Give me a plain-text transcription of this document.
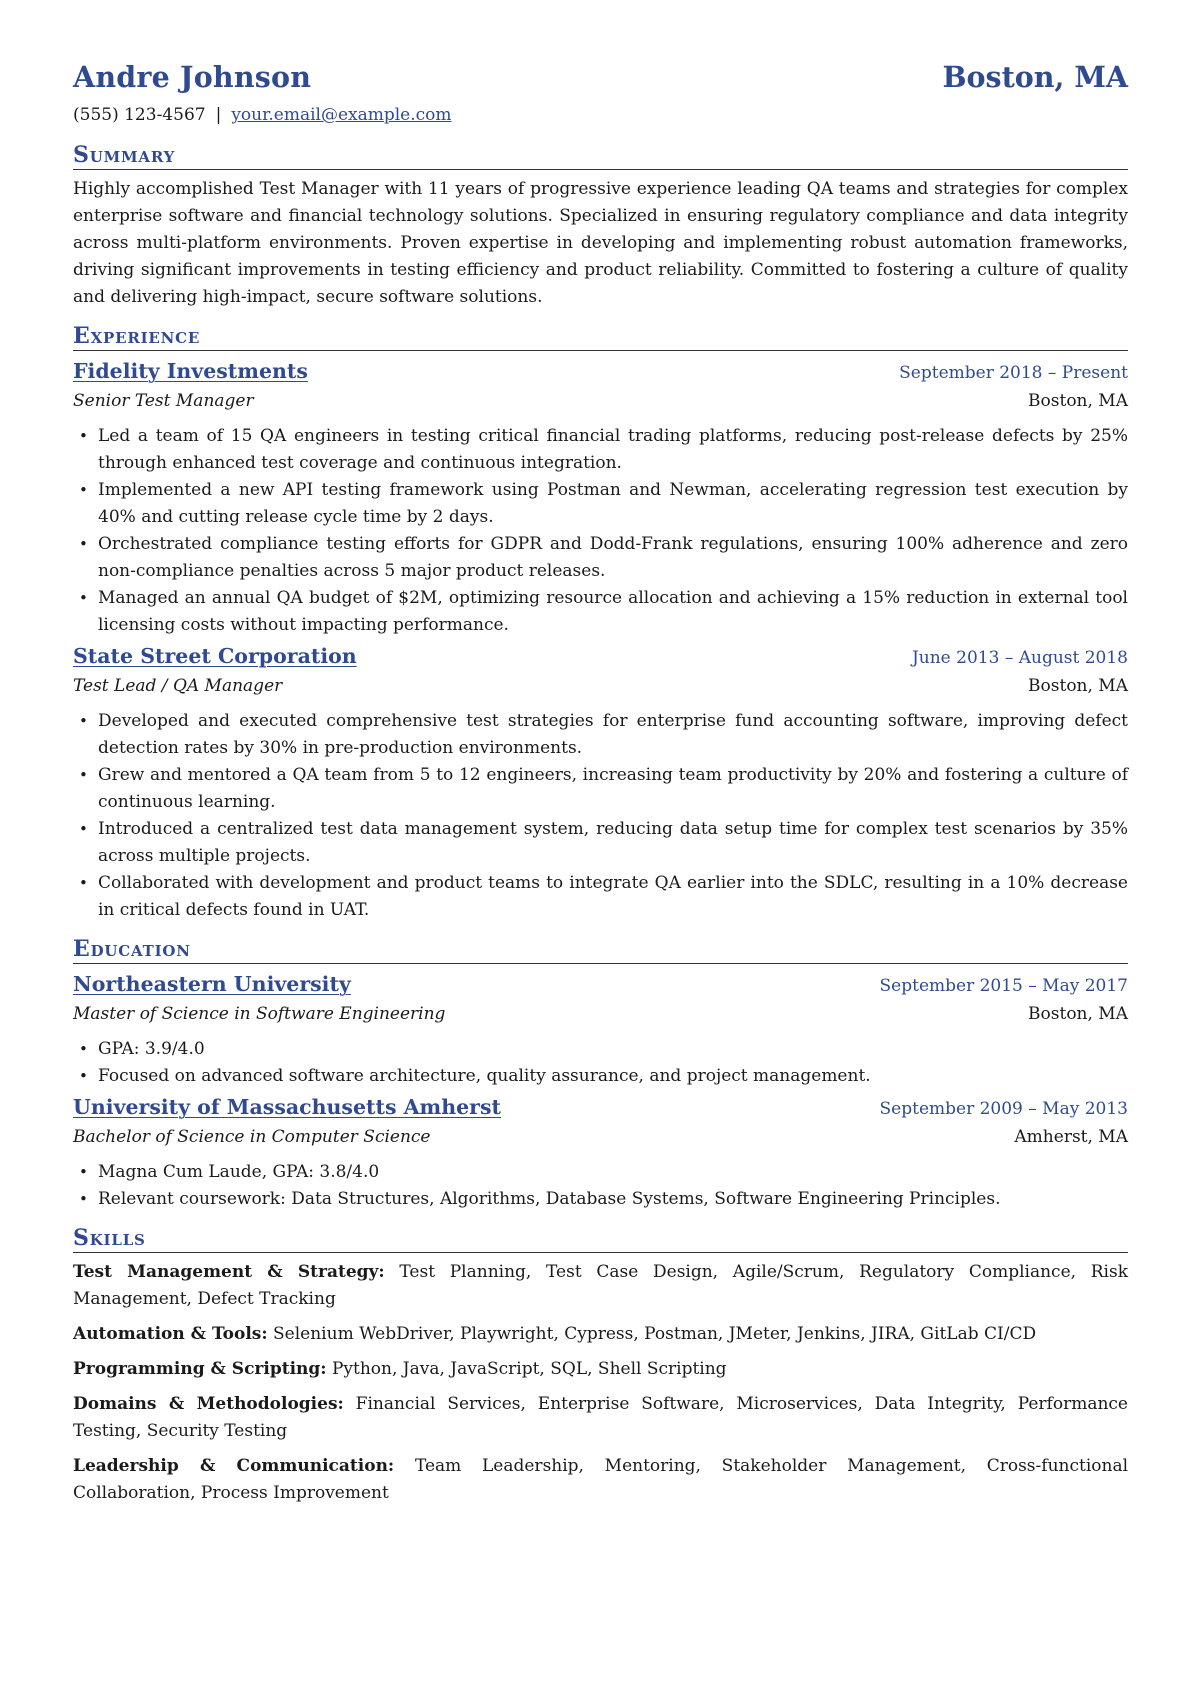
Andre Johnson	Boston, MA
(555) 123-4567 | your.email@example.com
Summary

Highly accomplished Test Manager with 11 years of progressive experience leading QA teams and strategies for complex enterprise software and financial technology solutions. Specialized in ensuring regulatory compliance and data integrity across multi-platform environments. Proven expertise in developing and implementing robust automation frameworks, driving significant improvements in testing efficiency and product reliability. Committed to fostering a culture of quality and delivering high-impact, secure software solutions.

Experience
Fidelity Investments	September 2018 – Present
Senior Test Manager	Boston, MA
• Led a team of 15 QA engineers in testing critical financial trading platforms, reducing post-release defects by 25% through enhanced test coverage and continuous integration.
• Implemented a new API testing framework using Postman and Newman, accelerating regression test execution by 40% and cutting release cycle time by 2 days.
• Orchestrated compliance testing efforts for GDPR and Dodd-Frank regulations, ensuring 100% adherence and zero non-compliance penalties across 5 major product releases.
• Managed an annual QA budget of $2M, optimizing resource allocation and achieving a 15% reduction in external tool licensing costs without impacting performance.
State Street Corporation	June 2013 – August 2018
Test Lead / QA Manager	Boston, MA
• Developed and executed comprehensive test strategies for enterprise fund accounting software, improving defect detection rates by 30% in pre-production environments.
• Grew and mentored a QA team from 5 to 12 engineers, increasing team productivity by 20% and fostering a culture of continuous learning.
• Introduced a centralized test data management system, reducing data setup time for complex test scenarios by 35% across multiple projects.
• Collaborated with development and product teams to integrate QA earlier into the SDLC, resulting in a 10% decrease in critical defects found in UAT.
Education
Northeastern University	September 2015 – May 2017
Master of Science in Software Engineering	Boston, MA
• GPA: 3.9/4.0
• Focused on advanced software architecture, quality assurance, and project management.
University of Massachusetts Amherst	September 2009 – May 2013
Bachelor of Science in Computer Science	Amherst, MA
• Magna Cum Laude, GPA: 3.8/4.0
• Relevant coursework: Data Structures, Algorithms, Database Systems, Software Engineering Principles.
Skills

Test Management & Strategy: Test Planning, Test Case Design, Agile/Scrum, Regulatory Compliance, Risk Management, Defect Tracking

Automation & Tools: Selenium WebDriver, Playwright, Cypress, Postman, JMeter, Jenkins, JIRA, GitLab CI/CD

Programming & Scripting: Python, Java, JavaScript, SQL, Shell Scripting

Domains & Methodologies: Financial Services, Enterprise Software, Microservices, Data Integrity, Performance Testing, Security Testing

Leadership & Communication: Team Leadership, Mentoring, Stakeholder Management, Cross-functional Collaboration, Process Improvement
